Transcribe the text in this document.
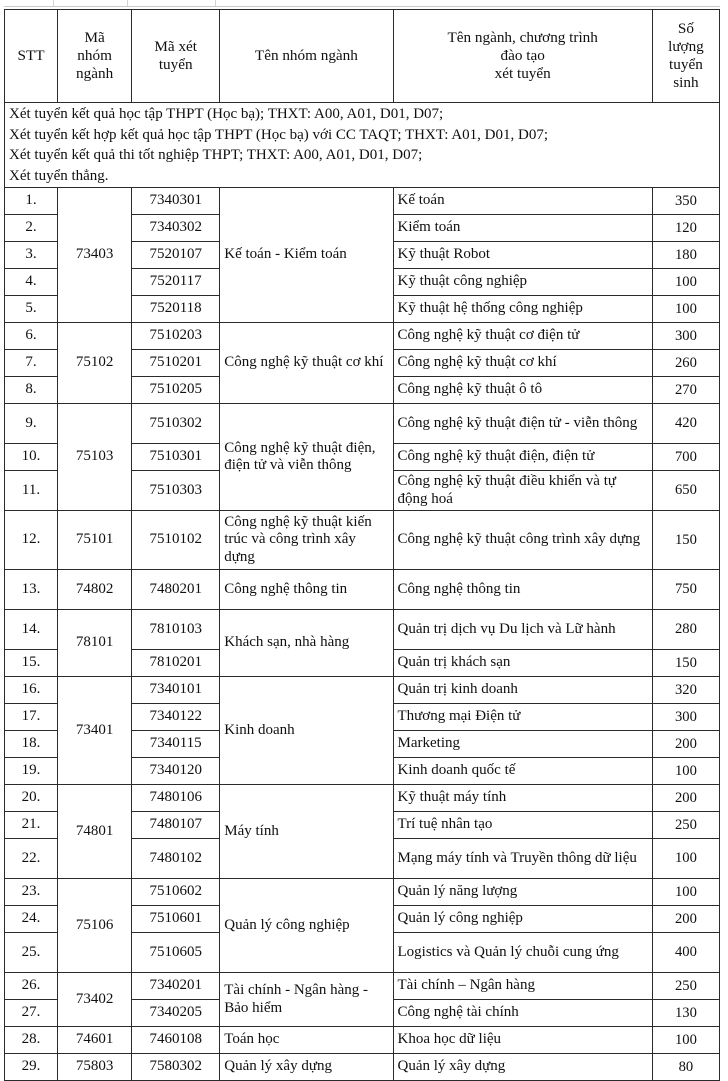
STT	Mã
nhóm
ngành	Mã xét
tuyển	Tên nhóm ngành	Tên ngành, chương trình
đào tạo
xét tuyển	Số
lượng
tuyển
sinh

Xét tuyển kết quả học tập THPT (Học bạ); THXT: A00, A01, D01, D07;
Xét tuyển kết hợp kết quả học tập THPT (Học bạ) với CC TAQT; THXT: A01, D01, D07;
Xét tuyển kết quả thi tốt nghiệp THPT; THXT: A00, A01, D01, D07;
Xét tuyển thẳng.					

1.	73403	7340301	Kế toán - Kiểm toán	Kế toán	350
2.		7340302		Kiểm toán	120
3.		7520107		Kỹ thuật Robot	180
4.		7520117		Kỹ thuật công nghiệp	100
5.		7520118		Kỹ thuật hệ thống công nghiệp	100
6.	75102	7510203	Công nghệ kỹ thuật cơ khí	Công nghệ kỹ thuật cơ điện tử	300
7.		7510201		Công nghệ kỹ thuật cơ khí	260
8.		7510205		Công nghệ kỹ thuật ô tô	270
9.	75103	7510302	Công nghệ kỹ thuật điện, điện tử và viễn thông	Công nghệ kỹ thuật điện tử - viễn thông	420
10.		7510301		Công nghệ kỹ thuật điện, điện tử	700
11.		7510303		Công nghệ kỹ thuật điều khiển và tự động hoá	650
12.	75101	7510102	Công nghệ kỹ thuật kiến trúc và công trình xây dựng	Công nghệ kỹ thuật công trình xây dựng	150
13.	74802	7480201	Công nghệ thông tin	Công nghệ thông tin	750
14.	78101	7810103	Khách sạn, nhà hàng	Quản trị dịch vụ Du lịch và Lữ hành	280
15.		7810201		Quản trị khách sạn	150
16.	73401	7340101	Kinh doanh	Quản trị kinh doanh	320
17.		7340122		Thương mại Điện tử	300
18.		7340115		Marketing	200
19.		7340120		Kinh doanh quốc tế	100
20.	74801	7480106	Máy tính	Kỹ thuật máy tính	200
21.		7480107		Trí tuệ nhân tạo	250
22.		7480102		Mạng máy tính và Truyền thông dữ liệu	100
23.	75106	7510602	Quản lý công nghiệp	Quản lý năng lượng	100
24.		7510601		Quản lý công nghiệp	200
25.		7510605		Logistics và Quản lý chuỗi cung ứng	400
26.	73402	7340201	Tài chính - Ngân hàng - Bảo hiểm	Tài chính – Ngân hàng	250
27.		7340205		Công nghệ tài chính	130
28.	74601	7460108	Toán học	Khoa học dữ liệu	100
29.	75803	7580302	Quản lý xây dựng	Quản lý xây dựng	80
